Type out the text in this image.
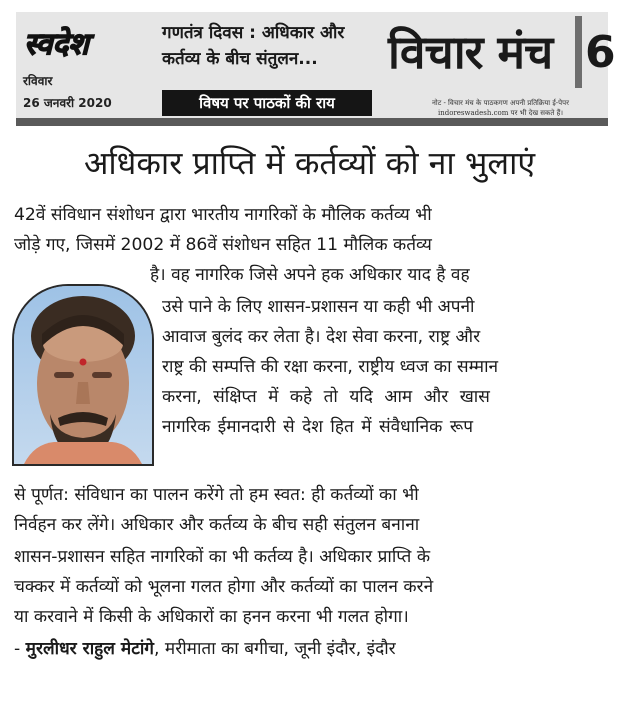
स्वदेश
रविवार
26 जनवरी 2020
गणतंत्र दिवस : अधिकार और
कर्तव्य के बीच संतुलन...
विषय पर पाठकों की राय
विचार मंच 6
नोट - विचार मंच के पाठकगण अपनी प्रतिक्रिया ई-पेपर
indoreswadesh.com पर भी देख सकते हैं।
अधिकार प्राप्ति में कर्तव्यों को ना भुलाएं
42वें संविधान संशोधन द्वारा भारतीय नागरिकों के मौलिक कर्तव्य भी
जोड़े गए, जिसमें 2002 में 86वें संशोधन सहित 11 मौलिक कर्तव्य
है। वह नागरिक जिसे अपने हक अधिकार याद है वह
उसे पाने के लिए शासन-प्रशासन या कही भी अपनी
आवाज बुलंद कर लेता है। देश सेवा करना, राष्ट्र और
राष्ट्र की सम्पत्ति की रक्षा करना, राष्ट्रीय ध्वज का सम्मान
करना, संक्षिप्त में कहे तो यदि आम और खास
नागरिक ईमानदारी से देश हित में संवैधानिक रूप
से पूर्णत: संविधान का पालन करेंगे तो हम स्वत: ही कर्तव्यों का भी
निर्वहन कर लेंगे। अधिकार और कर्तव्य के बीच सही संतुलन बनाना
शासन-प्रशासन सहित नागरिकों का भी कर्तव्य है। अधिकार प्राप्ति के
चक्कर में कर्तव्यों को भूलना गलत होगा और कर्तव्यों का पालन करने
या करवाने में किसी के अधिकारों का हनन करना भी गलत होगा।
- मुरलीधर राहुल मेटांगे, मरीमाता का बगीचा, जूनी इंदौर, इंदौर
